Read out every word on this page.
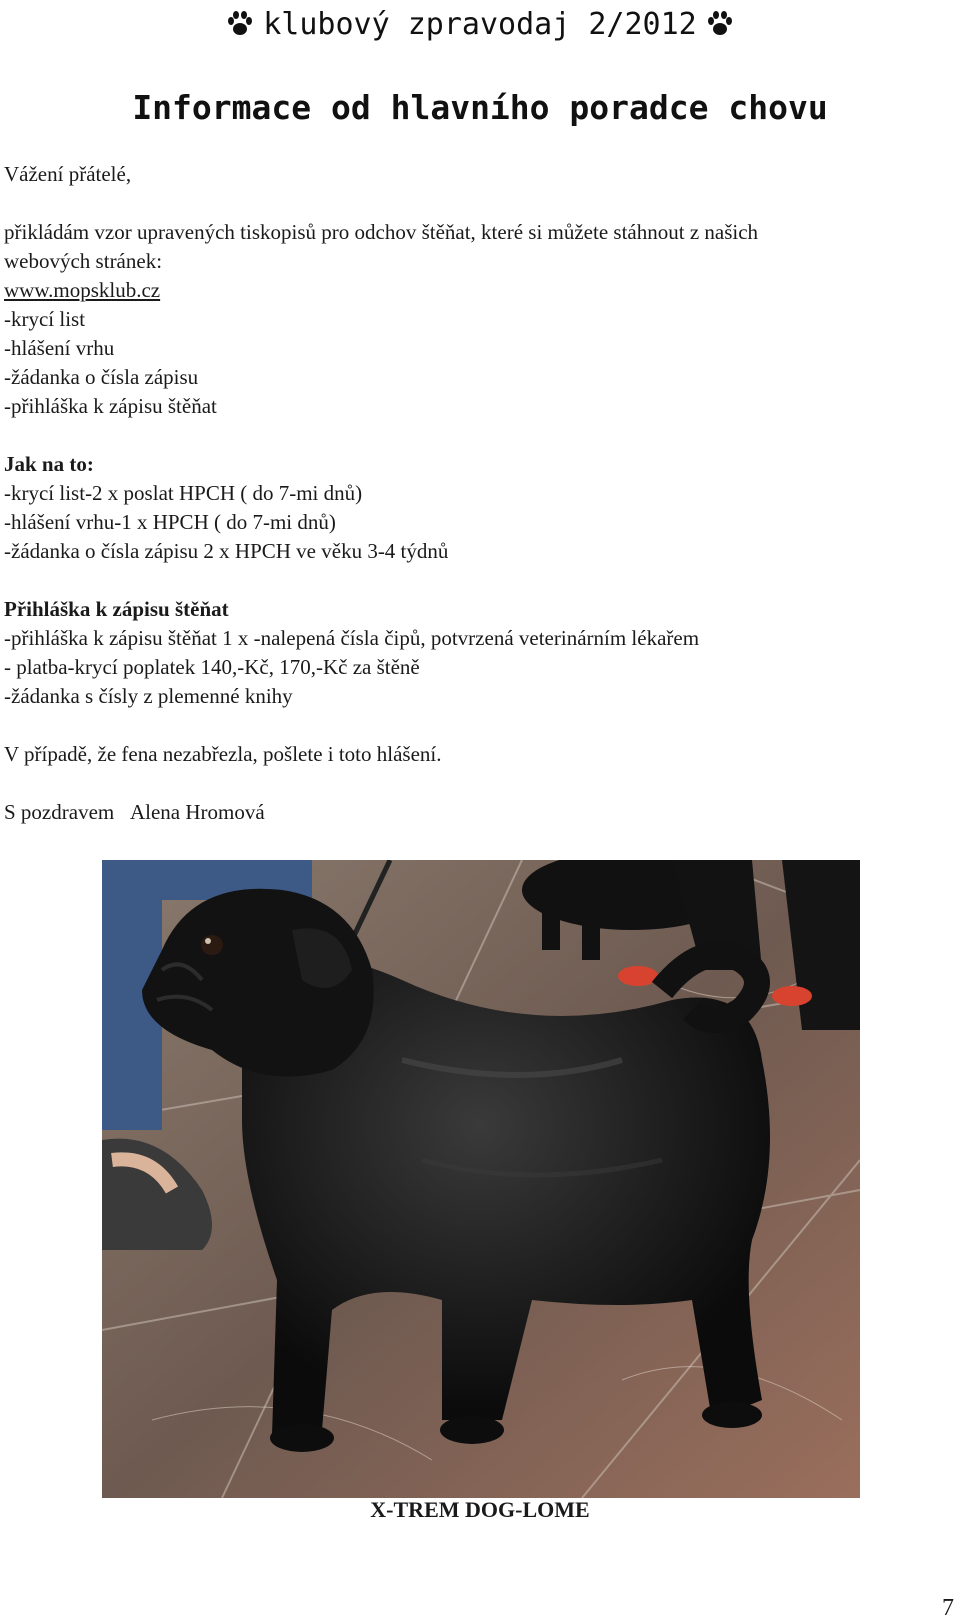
klubový zpravodaj 2/2012
Informace od hlavního poradce chovu
Vážení přátelé,
přikládám vzor upravených tiskopisů pro odchov štěňat, které si můžete stáhnout z našich
webových stránek:
www.mopsklub.cz
-krycí list
-hlášení vrhu
-žádanka o čísla zápisu
-přihláška k zápisu štěňat
Jak na to:
-krycí list-2 x poslat HPCH ( do 7-mi dnů)
-hlášení vrhu-1 x HPCH ( do 7-mi dnů)
-žádanka o čísla zápisu 2 x HPCH ve věku 3-4 týdnů
Přihláška k zápisu štěňat
-přihláška k zápisu štěňat 1 x -nalepená čísla čipů, potvrzená veterinárním lékařem
- platba-krycí poplatek 140,-Kč, 170,-Kč za štěně
-žádanka s čísly z plemenné knihy
V případě, že fena nezabřezla, pošlete i toto hlášení.
S pozdravem Alena Hromová
X-TREM DOG-LOME
7
